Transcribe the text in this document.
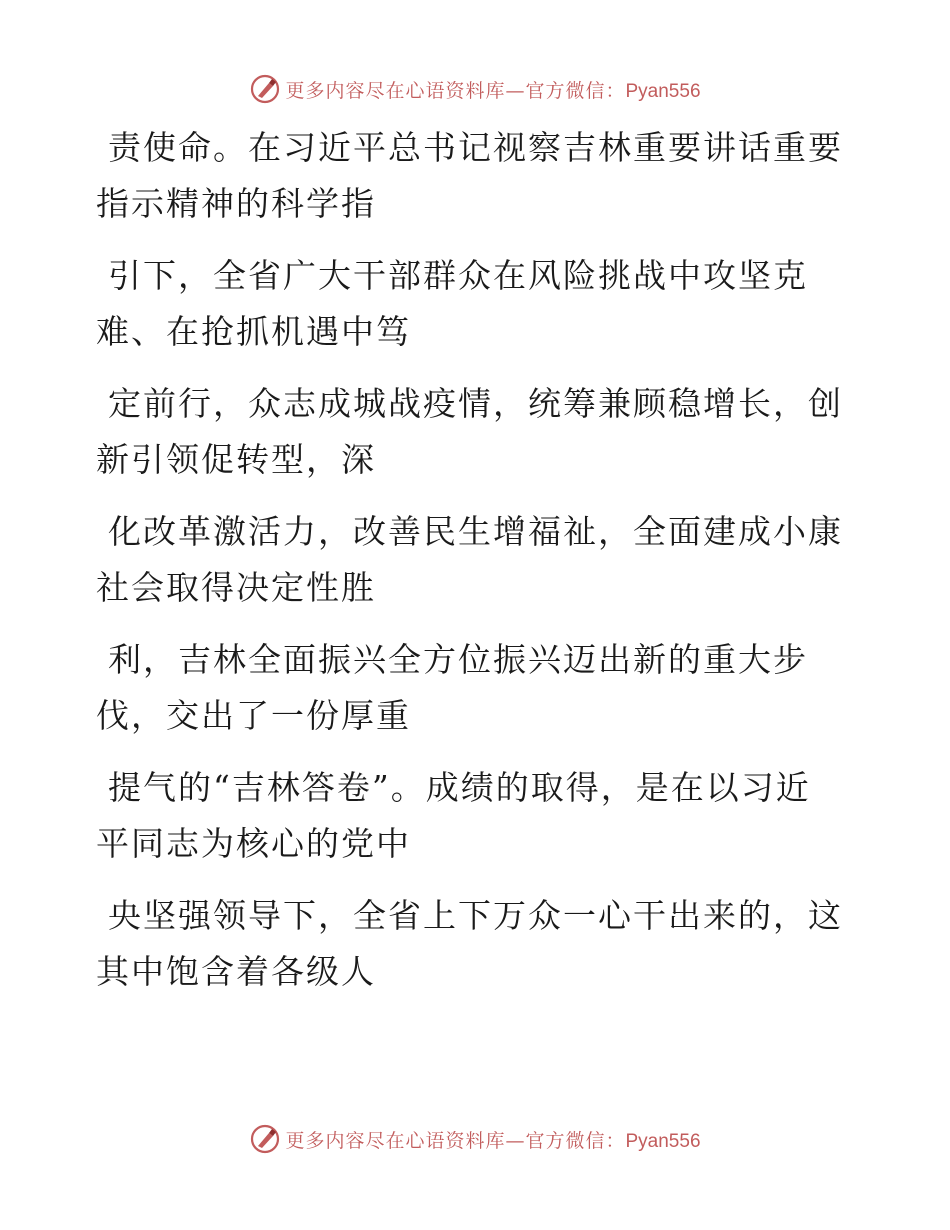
更多内容尽在心语资料库—官方微信：Pyan556

责使命。在习近平总书记视察吉林重要讲话重要
指示精神的科学指

引下，全省广大干部群众在风险挑战中攻坚克
难、在抢抓机遇中笃

定前行，众志成城战疫情，统筹兼顾稳增长，创
新引领促转型，深

化改革激活力，改善民生增福祉，全面建成小康
社会取得决定性胜

利，吉林全面振兴全方位振兴迈出新的重大步
伐，交出了一份厚重

提气的“吉林答卷”。成绩的取得，是在以习近
平同志为核心的党中

央坚强领导下，全省上下万众一心干出来的，这
其中饱含着各级人

更多内容尽在心语资料库—官方微信：Pyan556
